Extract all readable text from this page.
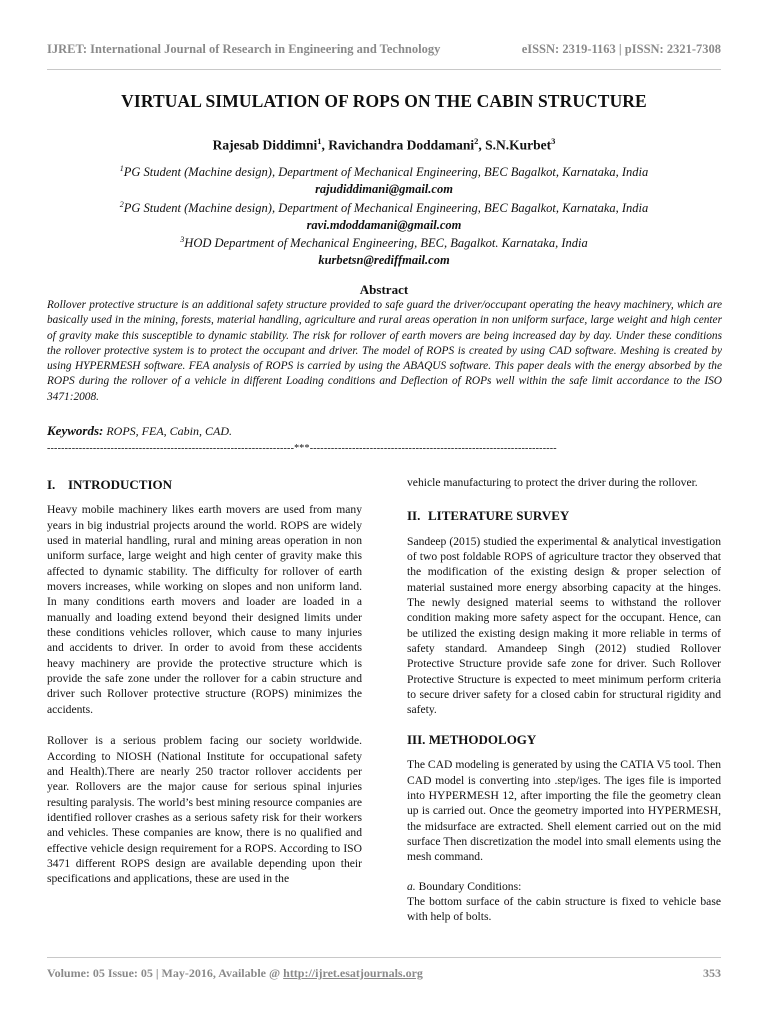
IJRET: International Journal of Research in Engineering and Technology	eISSN: 2319-1163 | pISSN: 2321-7308
VIRTUAL SIMULATION OF ROPS ON THE CABIN STRUCTURE
Rajesab Diddimni$^1$, Ravichandra Doddamani$^2$, S.N.Kurbet$^3$
$^1$PG Student (Machine design), Department of Mechanical Engineering, BEC Bagalkot, Karnataka, India
rajudiddimani@gmail.com
$^2$PG Student (Machine design), Department of Mechanical Engineering, BEC Bagalkot, Karnataka, India
ravi.mdoddamani@gmail.com
$^3$HOD Department of Mechanical Engineering, BEC, Bagalkot. Karnataka, India
kurbetsn@rediffmail.com
Abstract
Rollover protective structure is an additional safety structure provided to safe guard the driver/occupant operating the heavy machinery, which are basically used in the mining, forests, material handling, agriculture and rural areas operation in non uniform surface, large weight and high center of gravity make this susceptible to dynamic stability. The risk for rollover of earth movers are being increased day by day. Under these conditions the rollover protective system is to protect the occupant and driver. The model of ROPS is created by using CAD software. Meshing is created by using HYPERMESH software. FEA analysis of ROPS is carried by using the ABAQUS software. This paper deals with the energy absorbed by the ROPS during the rollover of a vehicle in different Loading conditions and Deflection of ROPs well within the safe limit accordance to the ISO 3471:2008.
Keywords: ROPS, FEA, Cabin, CAD.
----------------------------------------------------------------------***----------------------------------------------------------------------
I. INTRODUCTION

Heavy mobile machinery likes earth movers are used from many years in big industrial projects around the world. ROPS are widely used in material handling, rural and mining areas operation in non uniform surface, large weight and high center of gravity make this affected to dynamic stability. The difficulty for rollover of earth movers increases, while working on slopes and non uniform land. In many conditions earth movers and loader are loaded in a manually and loading extend beyond their designed limits under these conditions vehicles rollover, which cause to many injuries and accidents to driver. In order to avoid from these accidents heavy machinery are provide the protective structure which is provide the safe zone under the rollover for a cabin structure and driver such Rollover protective structure (ROPS) minimizes the accidents.

Rollover is a serious problem facing our society worldwide. According to NIOSH (National Institute for occupational safety and Health).There are nearly 250 tractor rollover accidents per year. Rollovers are the major cause for serious spinal injuries resulting paralysis. The world’s best mining resource companies are identified rollover crashes as a serious safety risk for their workers and vehicles. These companies are know, there is no qualified and effective vehicle design requirement for a ROPS. According to ISO 3471 different ROPS design are available depending upon their specifications and applications, these are used in the

vehicle manufacturing to protect the driver during the rollover.

II. LITERATURE SURVEY

Sandeep (2015) studied the experimental & analytical investigation of two post foldable ROPS of agriculture tractor they observed that the modification of the existing design & proper selection of material sustained more energy absorbing capacity at the hinges. The newly designed material seems to withstand the rollover condition making more safety aspect for the occupant. Hence, can be utilized the existing design making it more reliable in terms of safety standard. Amandeep Singh (2012) studied Rollover Protective Structure provide safe zone for driver. Such Rollover Protective Structure is expected to meet minimum perform criteria to secure driver safety for a closed cabin for structural rigidity and safety.

III. METHODOLOGY

The CAD modeling is generated by using the CATIA V5 tool. Then CAD model is converting into .step/iges. The iges file is imported into HYPERMESH 12, after importing the file the geometry clean up is carried out. Once the geometry imported into HYPERMESH, the midsurface are extracted. Shell element carried out on the mid surface Then discretization the model into small elements using the mesh command.

a. Boundary Conditions:

The bottom surface of the cabin structure is fixed to vehicle base with help of bolts.

Volume: 05 Issue: 05 | May-2016, Available @ http://ijret.esatjournals.org	353
